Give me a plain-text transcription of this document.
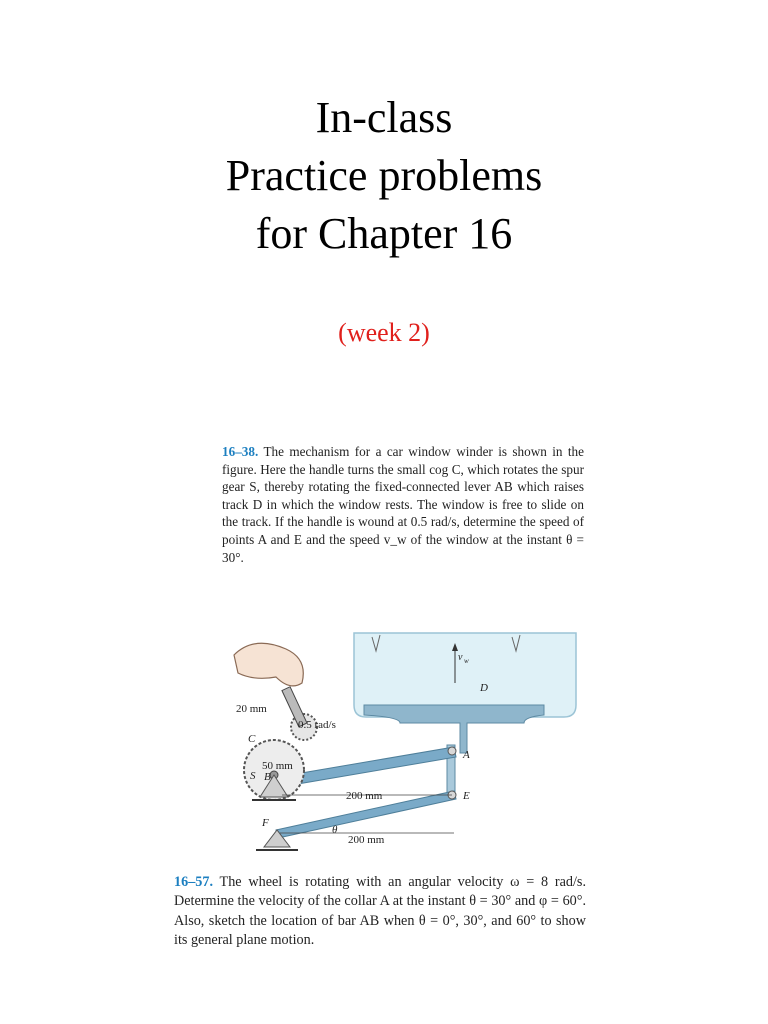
In-class
Practice problems
for Chapter 16
(week 2)
16–38. The mechanism for a car window winder is shown in the figure. Here the handle turns the small cog C, which rotates the spur gear S, thereby rotating the fixed-connected lever AB which raises track D in which the window rests. The window is free to slide on the track. If the handle is wound at 0.5 rad/s, determine the speed of points A and E and the speed v_w of the window at the instant θ = 30°.
20 mm
0.5 rad/s
C
50 mm
S B
F
A
E
D
v w
θ
200 mm
200 mm
16–57. The wheel is rotating with an angular velocity ω = 8 rad/s. Determine the velocity of the collar A at the instant θ = 30° and φ = 60°. Also, sketch the location of bar AB when θ = 0°, 30°, and 60° to show its general plane motion.
